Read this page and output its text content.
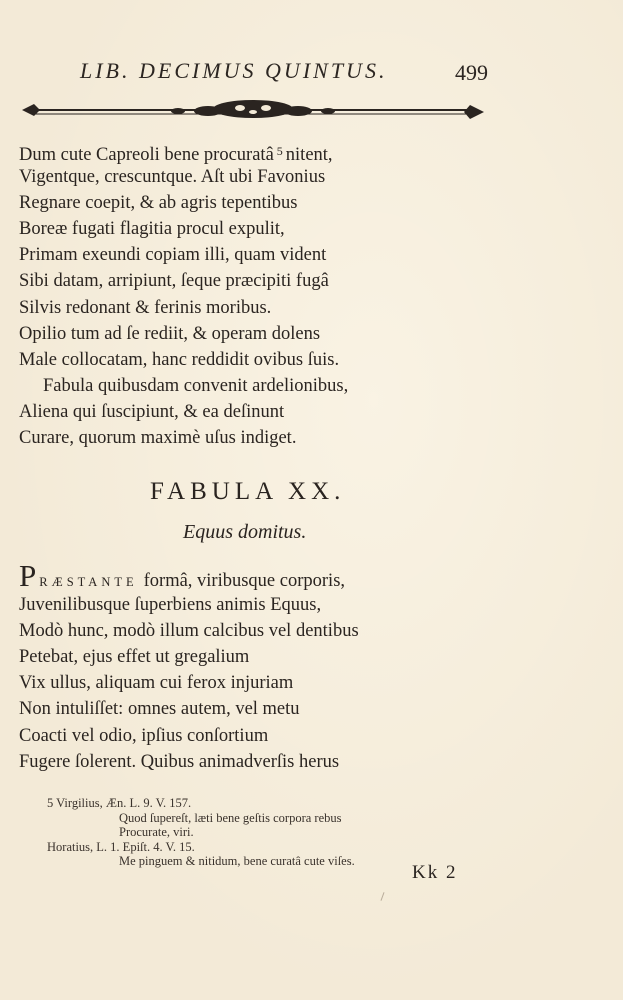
LIB. DECIMUS QUINTUS.	499
Dum cute Capreoli bene procuratâ $^5$ nitent,
Vigentque, crescuntque. Aſt ubi Favonius
Regnare coepit, & ab agris tepentibus
Boreæ fugati flagitia procul expulit,
Primam exeundi copiam illi, quam vident
Sibi datam, arripiunt, ſeque præcipiti fugâ
Silvis redonant & ferinis moribus.
Opilio tum ad ſe rediit, & operam dolens
Male collocatam, hanc reddidit ovibus ſuis.
Fabula quibusdam convenit ardelionibus,
Aliena qui ſuscipiunt, & ea deſinunt
Curare, quorum maximè uſus indiget.
FABULA XX.
Equus domitus.
PRÆSTANTE formâ, viribusque corporis,
Juvenilibusque ſuperbiens animis Equus,
Modò hunc, modò illum calcibus vel dentibus
Petebat, ejus effet ut gregalium
Vix ullus, aliquam cui ferox injuriam
Non intuliſſet: omnes autem, vel metu
Coacti vel odio, ipſius conſortium
Fugere ſolerent. Quibus animadverſis herus
5 Virgilius, Æn. L. 9. V. 157.
Quod ſupereſt, læti bene geſtis corpora rebus
Procurate, viri.
Horatius, L. 1. Epiſt. 4. V. 15.
Me pinguem & nitidum, bene curatâ cute viſes.
Kk 2
